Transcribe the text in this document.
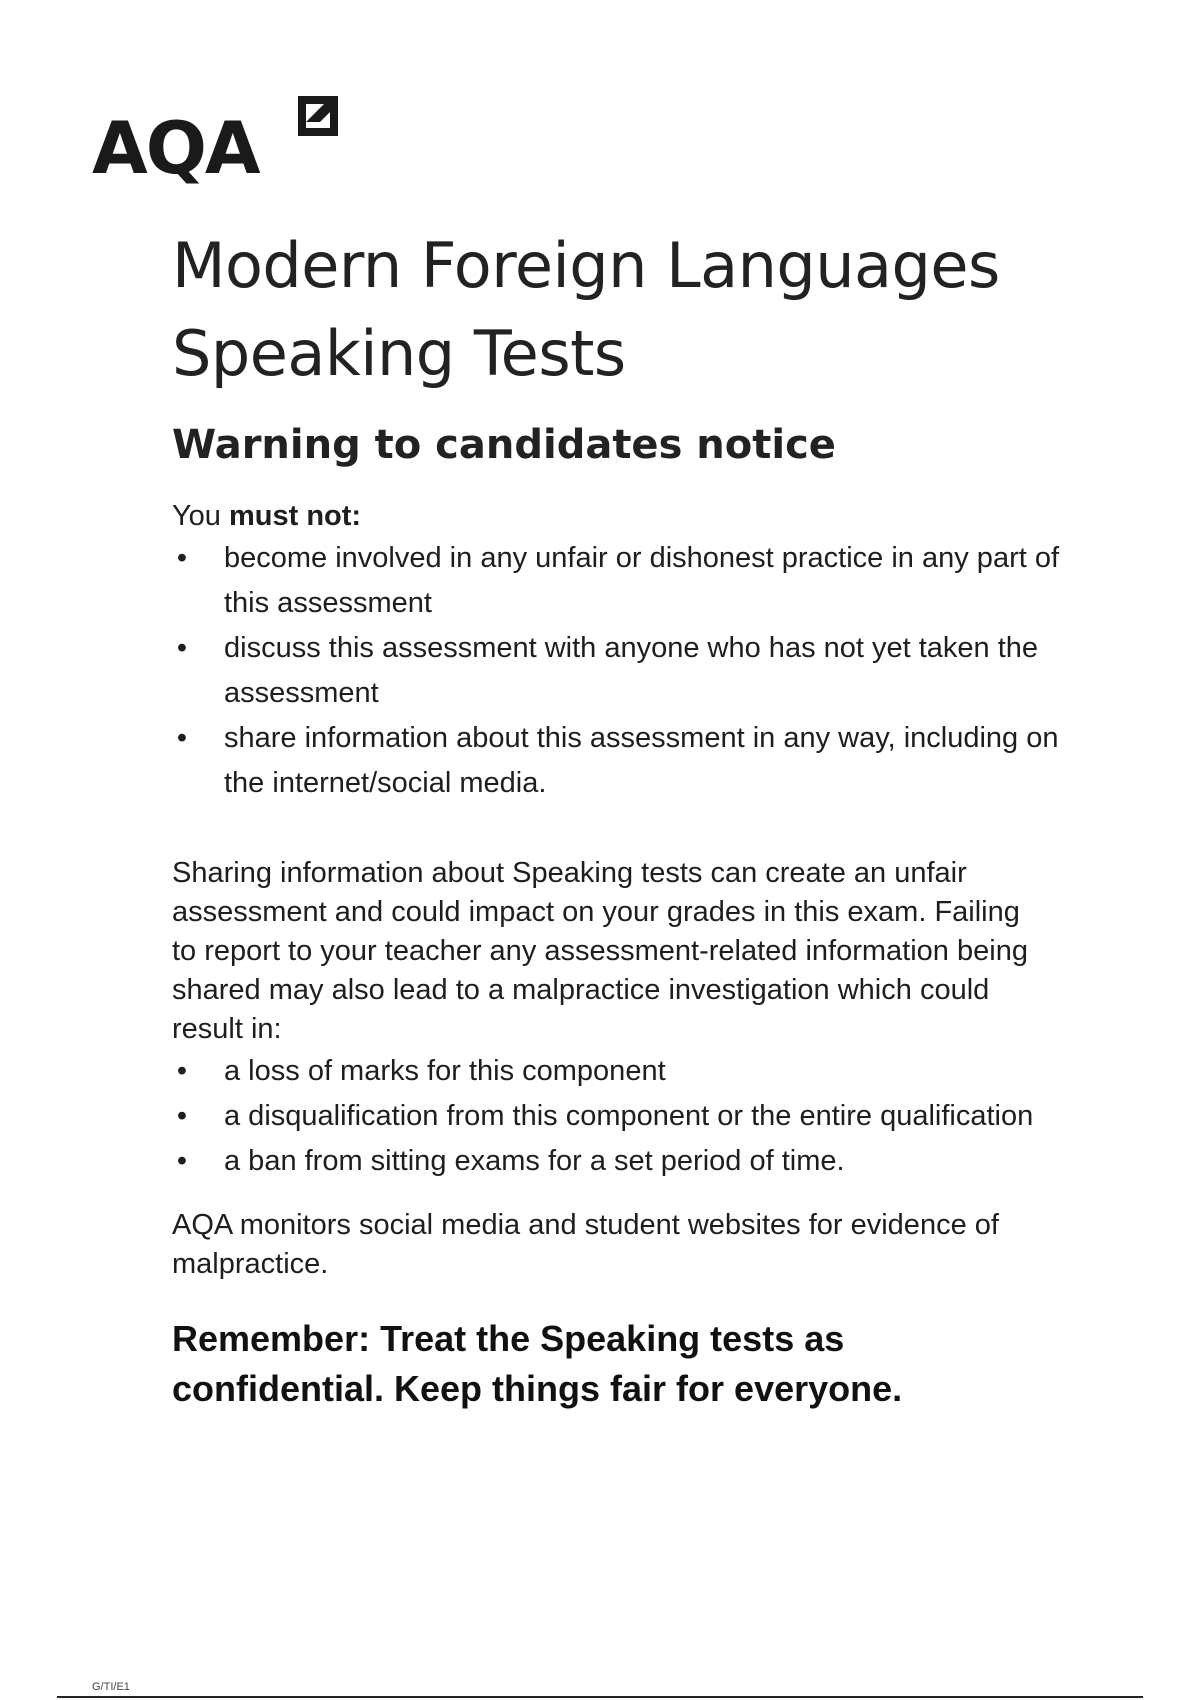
AQA
Modern Foreign Languages
Speaking Tests
Warning to candidates notice

You must not:

• become involved in any unfair or dishonest practice in any part of this assessment
• discuss this assessment with anyone who has not yet taken the assessment
• share information about this assessment in any way, including on the internet/social media.

Sharing information about Speaking tests can create an unfair assessment and could impact on your grades in this exam. Failing to report to your teacher any assessment-related information being shared may also lead to a malpractice investigation which could result in:

• a loss of marks for this component
• a disqualification from this component or the entire qualification
• a ban from sitting exams for a set period of time.

AQA monitors social media and student websites for evidence of malpractice.

Remember: Treat the Speaking tests as
confidential. Keep things fair for everyone.

G/TI/E1
